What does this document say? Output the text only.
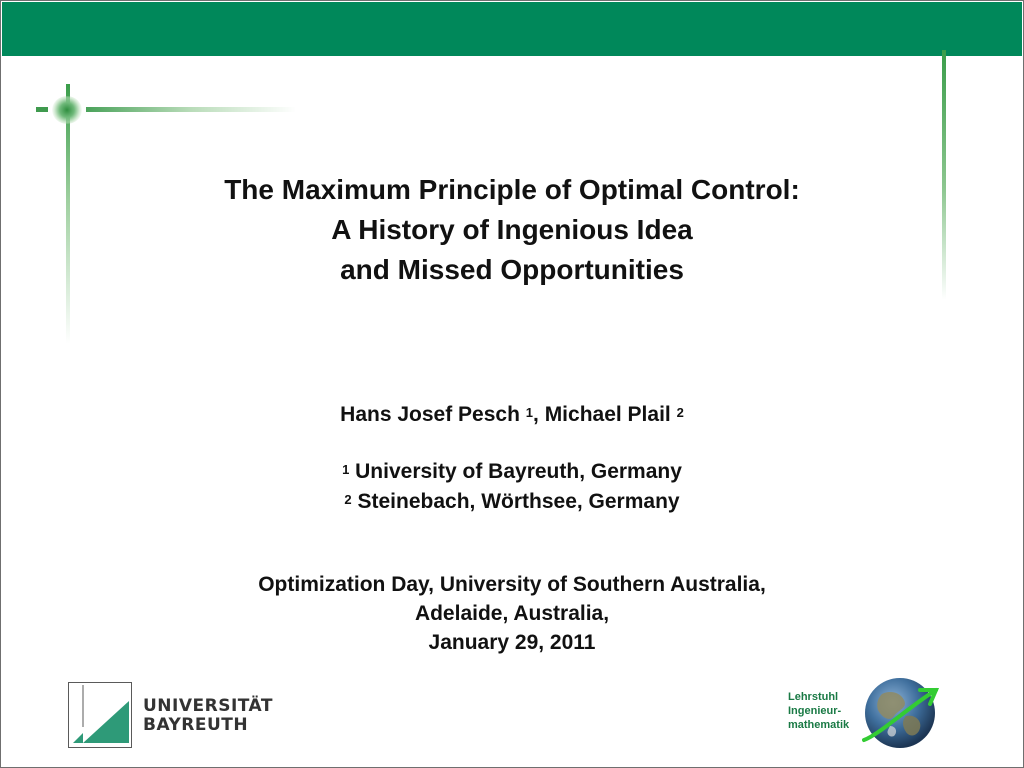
The Maximum Principle of Optimal Control:
A History of Ingenious Idea
and Missed Opportunities
Hans Josef Pesch $^1$, Michael Plail $^2$
$^1$ University of Bayreuth, Germany
$^2$ Steinebach, Wörthsee, Germany
Optimization Day, University of Southern Australia,
Adelaide, Australia,
January 29, 2011
UNIVERSITÄT
BAYREUTH
Lehrstuhl
Ingenieur-
mathematik
